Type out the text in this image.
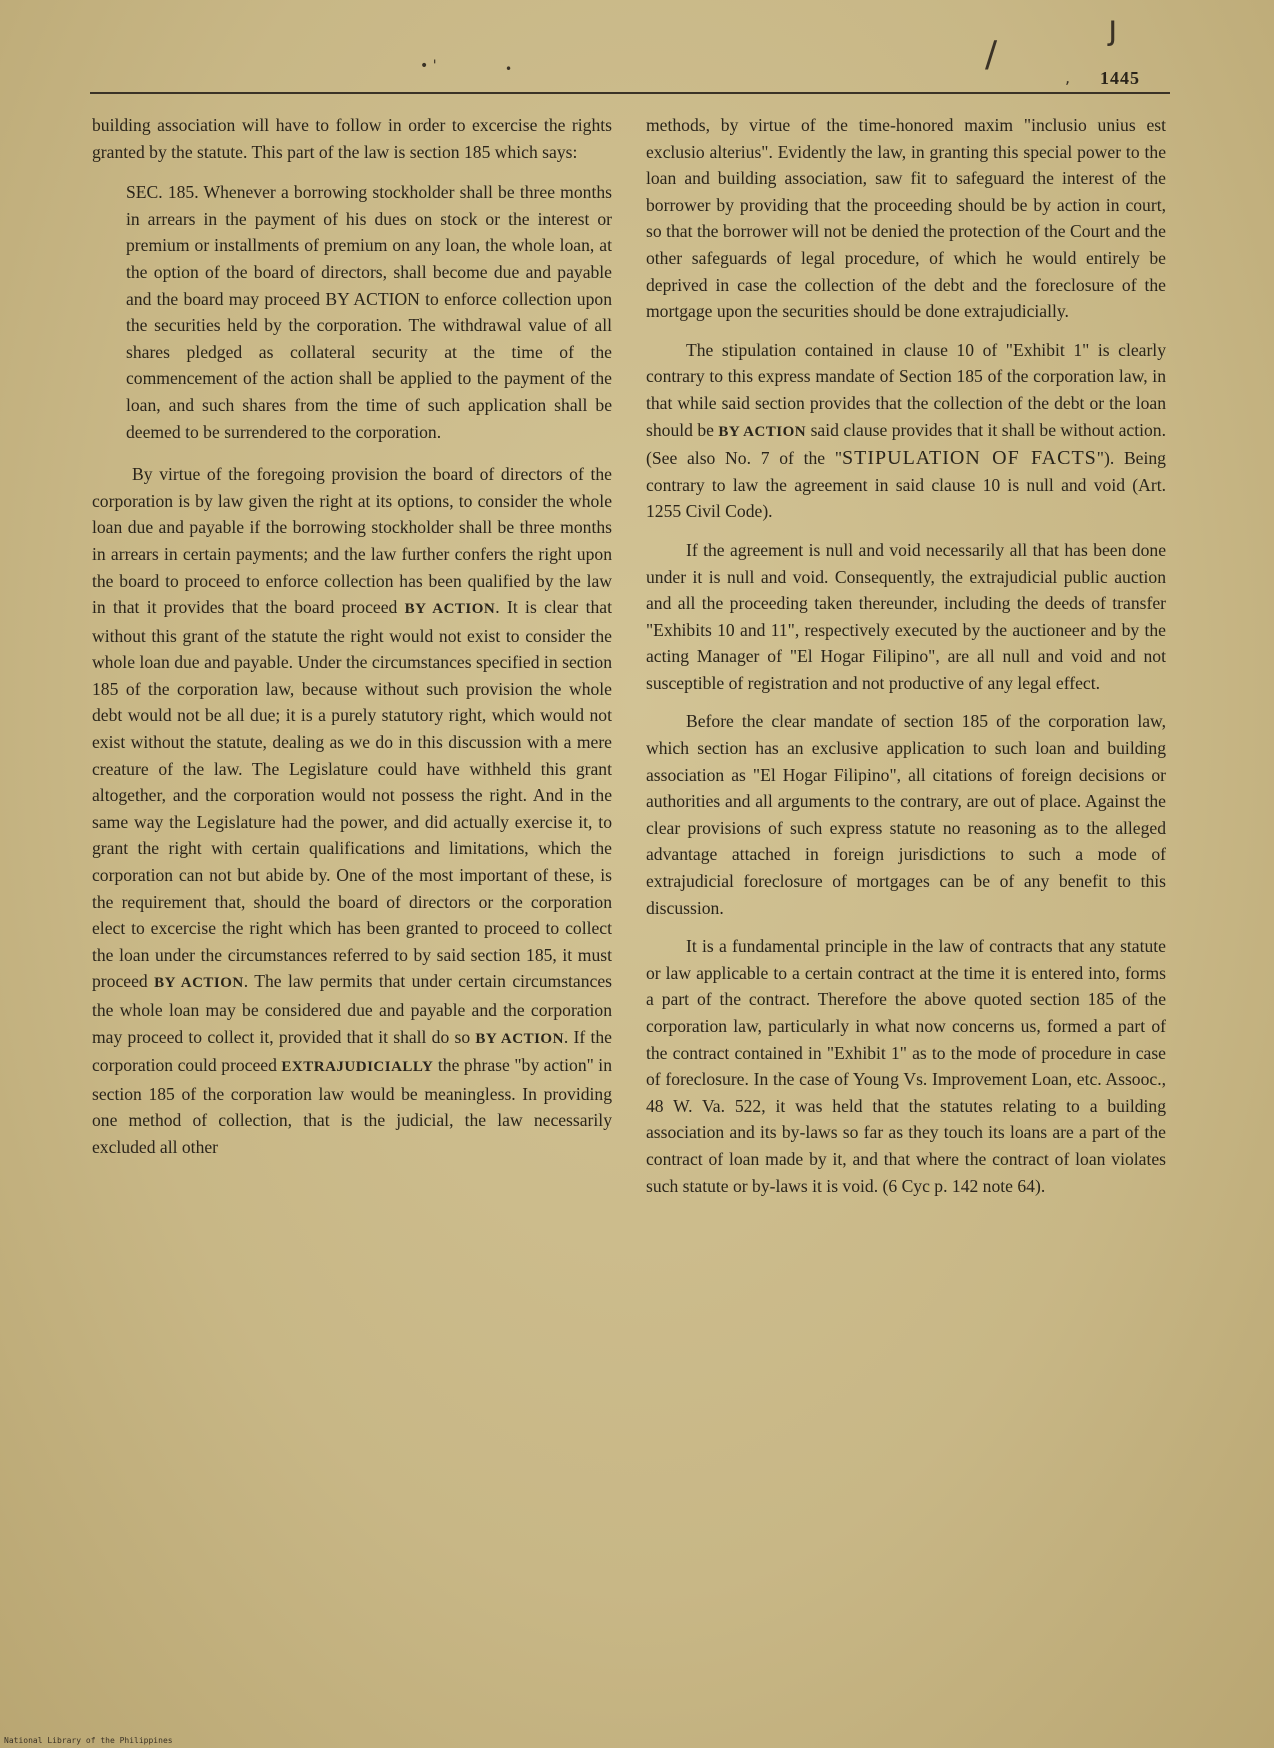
ȷ
/
• '	•	, 1445

building association will have to follow in order to excercise the rights granted by the statute. This part of the law is section 185 which says:

SEC. 185. Whenever a borrowing stockholder shall be three months in arrears in the payment of his dues on stock or the interest or premium or installments of premium on any loan, the whole loan, at the option of the board of directors, shall become due and payable and the board may proceed BY ACTION to enforce collection upon the securities held by the corporation. The withdrawal value of all shares pledged as collateral security at the time of the commencement of the action shall be applied to the payment of the loan, and such shares from the time of such application shall be deemed to be surrendered to the corporation.

By virtue of the foregoing provision the board of directors of the corporation is by law given the right at its options, to consider the whole loan due and payable if the borrowing stockholder shall be three months in arrears in certain payments; and the law further confers the right upon the board to proceed to enforce collection has been qualified by the law in that it provides that the board proceed BY ACTION. It is clear that without this grant of the statute the right would not exist to consider the whole loan due and payable. Under the circumstances specified in section 185 of the corporation law, because without such provision the whole debt would not be all due; it is a purely statutory right, which would not exist without the statute, dealing as we do in this discussion with a mere creature of the law. The Legislature could have withheld this grant altogether, and the corporation would not possess the right. And in the same way the Legislature had the power, and did actually exercise it, to grant the right with certain qualifications and limitations, which the corporation can not but abide by. One of the most important of these, is the requirement that, should the board of directors or the corporation elect to excercise the right which has been granted to proceed to collect the loan under the circumstances referred to by said section 185, it must proceed BY ACTION. The law permits that under certain circumstances the whole loan may be considered due and payable and the corporation may proceed to collect it, provided that it shall do so BY ACTION. If the corporation could proceed EXTRAJUDICIALLY the phrase "by action" in section 185 of the corporation law would be meaningless. In providing one method of collection, that is the judicial, the law necessarily excluded all other

methods, by virtue of the time-honored maxim "inclusio unius est exclusio alterius". Evidently the law, in granting this special power to the loan and building association, saw fit to safeguard the interest of the borrower by providing that the proceeding should be by action in court, so that the borrower will not be denied the protection of the Court and the other safeguards of legal procedure, of which he would entirely be deprived in case the collection of the debt and the foreclosure of the mortgage upon the securities should be done extrajudicially.

The stipulation contained in clause 10 of "Exhibit 1" is clearly contrary to this express mandate of Section 185 of the corporation law, in that while said section provides that the collection of the debt or the loan should be BY ACTION said clause provides that it shall be without action. (See also No. 7 of the "STIPULATION OF FACTS"). Being contrary to law the agreement in said clause 10 is null and void (Art. 1255 Civil Code).

If the agreement is null and void necessarily all that has been done under it is null and void. Consequently, the extrajudicial public auction and all the proceeding taken thereunder, including the deeds of transfer "Exhibits 10 and 11", respectively executed by the auctioneer and by the acting Manager of "El Hogar Filipino", are all null and void and not susceptible of registration and not productive of any legal effect.

Before the clear mandate of section 185 of the corporation law, which section has an exclusive application to such loan and building association as "El Hogar Filipino", all citations of foreign decisions or authorities and all arguments to the contrary, are out of place. Against the clear provisions of such express statute no reasoning as to the alleged advantage attached in foreign jurisdictions to such a mode of extrajudicial foreclosure of mortgages can be of any benefit to this discussion.

It is a fundamental principle in the law of contracts that any statute or law applicable to a certain contract at the time it is entered into, forms a part of the contract. Therefore the above quoted section 185 of the corporation law, particularly in what now concerns us, formed a part of the contract contained in "Exhibit 1" as to the mode of procedure in case of foreclosure. In the case of Young Vs. Improvement Loan, etc. Assooc., 48 W. Va. 522, it was held that the statutes relating to a building association and its by-laws so far as they touch its loans are a part of the contract of loan made by it, and that where the contract of loan violates such statute or by-laws it is void. (6 Cyc p. 142 note 64).

National Library of the Philippines
